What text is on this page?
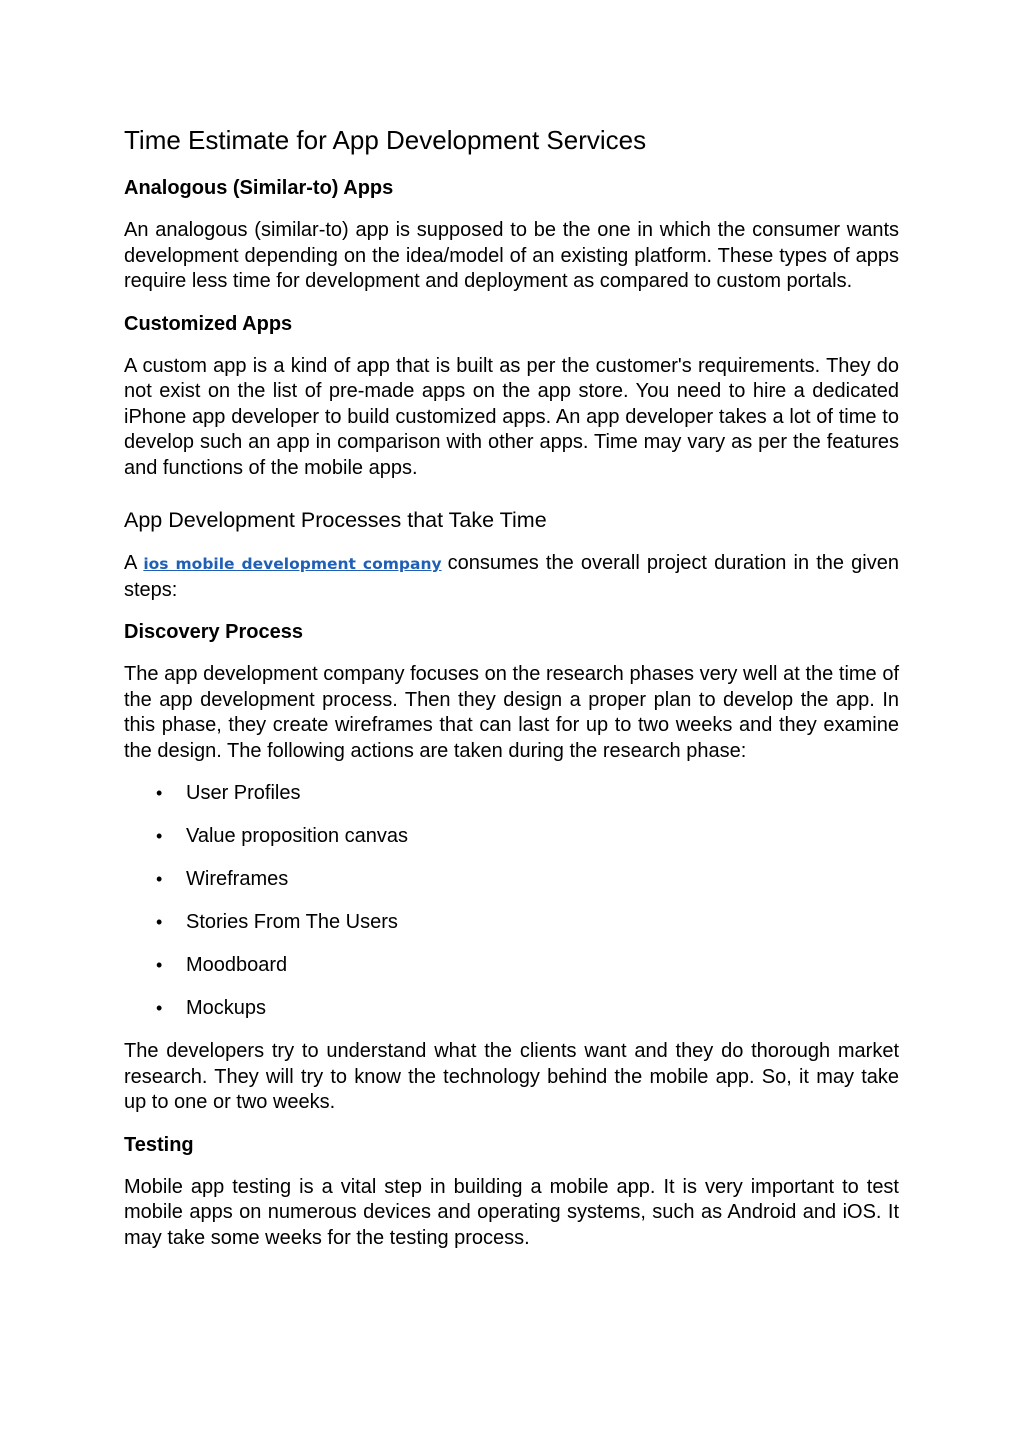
Time Estimate for App Development Services
Analogous (Similar-to) Apps

An analogous (similar-to) app is supposed to be the one in which the consumer wants development depending on the idea/model of an existing platform. These types of apps require less time for development and deployment as compared to custom portals.

Customized Apps

A custom app is a kind of app that is built as per the customer's requirements. They do not exist on the list of pre-made apps on the app store. You need to hire a dedicated iPhone app developer to build customized apps. An app developer takes a lot of time to develop such an app in comparison with other apps. Time may vary as per the features and functions of the mobile apps.

App Development Processes that Take Time

A ios mobile development company consumes the overall project duration in the given steps:

Discovery Process

The app development company focuses on the research phases very well at the time of the app development process. Then they design a proper plan to develop the app. In this phase, they create wireframes that can last for up to two weeks and they examine the design. The following actions are taken during the research phase:

• User Profiles
• Value proposition canvas
• Wireframes
• Stories From The Users
• Moodboard
• Mockups

The developers try to understand what the clients want and they do thorough market research. They will try to know the technology behind the mobile app. So, it may take up to one or two weeks.

Testing

Mobile app testing is a vital step in building a mobile app. It is very important to test mobile apps on numerous devices and operating systems, such as Android and iOS. It may take some weeks for the testing process.
